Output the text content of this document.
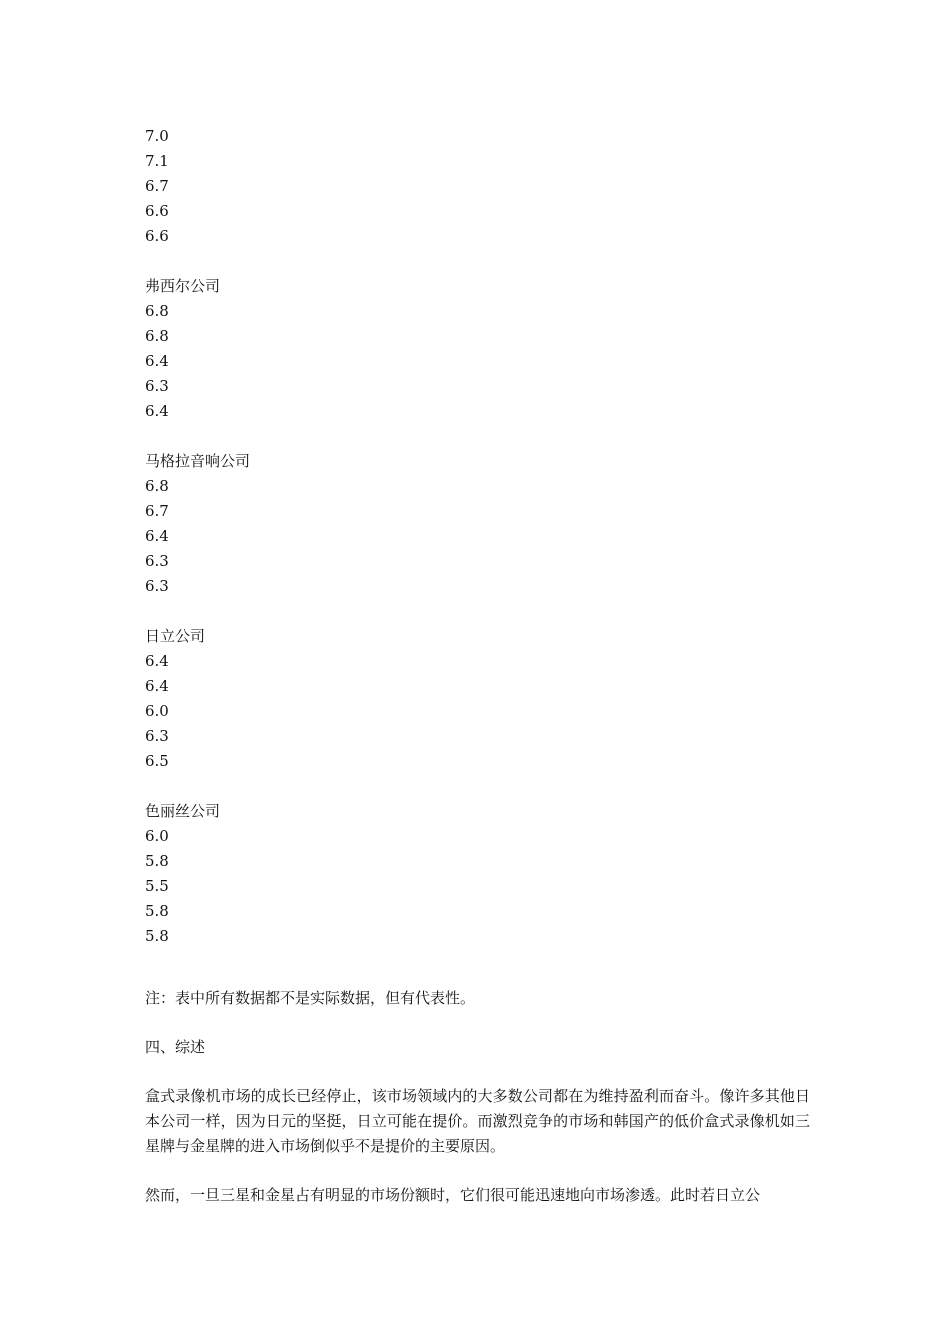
7.0
7.1
6.7
6.6
6.6
弗西尔公司
6.8
6.8
6.4
6.3
6.4
马格拉音响公司
6.8
6.7
6.4
6.3
6.3
日立公司
6.4
6.4
6.0
6.3
6.5
色丽丝公司
6.0
5.8
5.5
5.8
5.8
注：表中所有数据都不是实际数据，但有代表性。
四、综述
盒式录像机市场的成长已经停止，该市场领域内的大多数公司都在为维持盈利而奋斗。像许多其他日本公司一样，因为日元的坚挺，日立可能在提价。而激烈竞争的市场和韩国产的低价盒式录像机如三星牌与金星牌的进入市场倒似乎不是提价的主要原因。
然而，一旦三星和金星占有明显的市场份额时，它们很可能迅速地向市场渗透。此时若日立公
